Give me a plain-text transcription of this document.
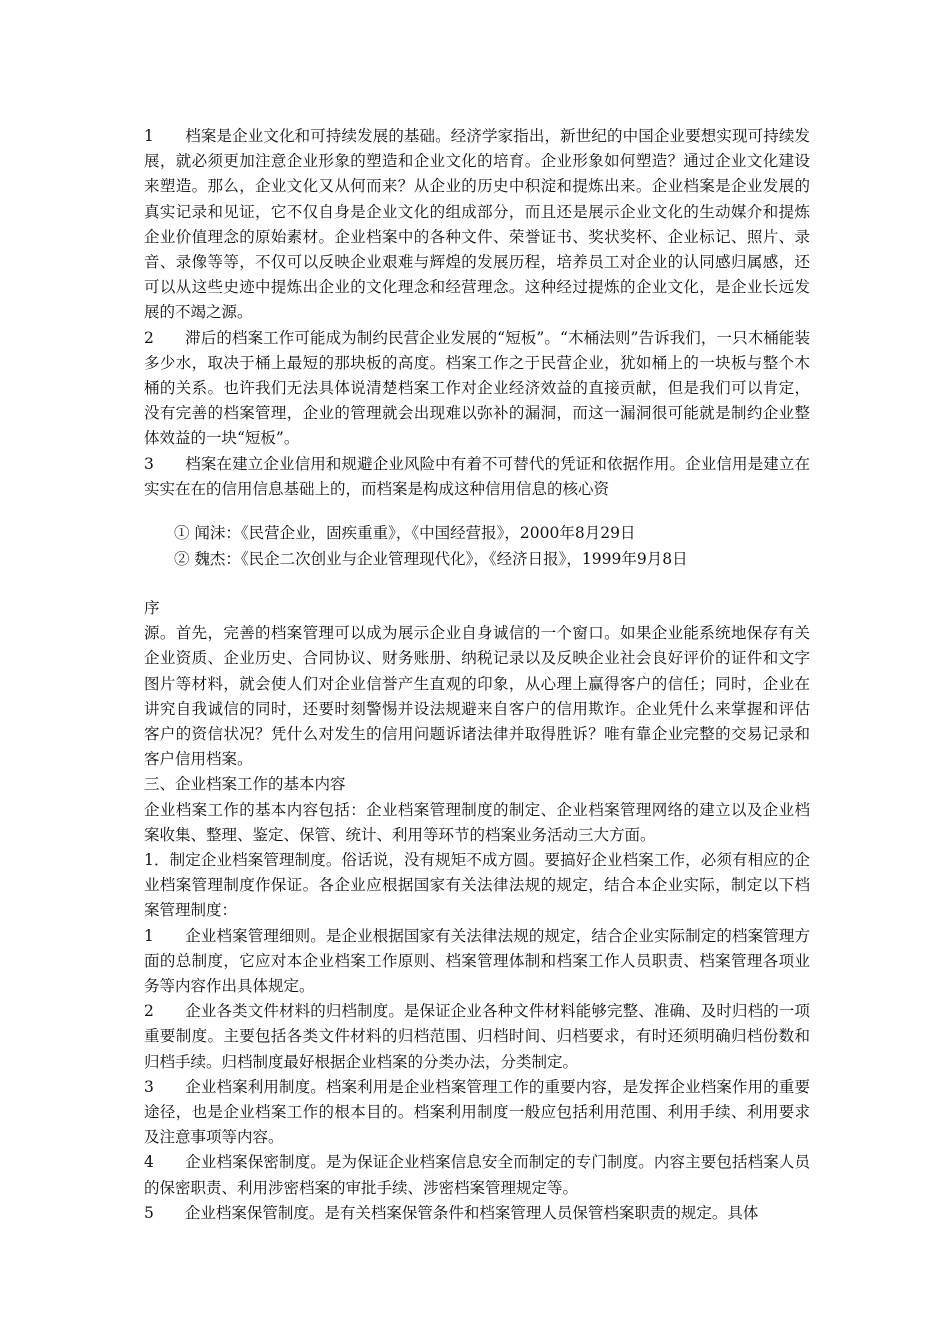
1　　档案是企业文化和可持续发展的基础。经济学家指出，新世纪的中国企业要想实现可持续发展，就必须更加注意企业形象的塑造和企业文化的培育。企业形象如何塑造？通过企业文化建设来塑造。那么，企业文化又从何而来？从企业的历史中积淀和提炼出来。企业档案是企业发展的真实记录和见证，它不仅自身是企业文化的组成部分，而且还是展示企业文化的生动媒介和提炼企业价值理念的原始素材。企业档案中的各种文件、荣誉证书、奖状奖杯、企业标记、照片、录音、录像等等，不仅可以反映企业艰难与辉煌的发展历程，培养员工对企业的认同感归属感，还可以从这些史迹中提炼出企业的文化理念和经营理念。这种经过提炼的企业文化，是企业长远发展的不竭之源。

2　　滞后的档案工作可能成为制约民营企业发展的“短板”。“木桶法则”告诉我们，一只木桶能装多少水，取决于桶上最短的那块板的高度。档案工作之于民营企业，犹如桶上的一块板与整个木桶的关系。也许我们无法具体说清楚档案工作对企业经济效益的直接贡献，但是我们可以肯定，没有完善的档案管理，企业的管理就会出现难以弥补的漏洞，而这一漏洞很可能就是制约企业整体效益的一块“短板”。

3　　档案在建立企业信用和规避企业风险中有着不可替代的凭证和依据作用。企业信用是建立在实实在在的信用信息基础上的，而档案是构成这种信用信息的核心资

① 闻沫：《民营企业，固疾重重》，《中国经营报》，2000年8月29日

② 魏杰：《民企二次创业与企业管理现代化》，《经济日报》，1999年9月8日

序

源。首先，完善的档案管理可以成为展示企业自身诚信的一个窗口。如果企业能系统地保存有关企业资质、企业历史、合同协议、财务账册、纳税记录以及反映企业社会良好评价的证件和文字图片等材料，就会使人们对企业信誉产生直观的印象，从心理上赢得客户的信任；同时，企业在讲究自我诚信的同时，还要时刻警惕并设法规避来自客户的信用欺诈。企业凭什么来掌握和评估客户的资信状况？凭什么对发生的信用问题诉诸法律并取得胜诉？唯有靠企业完整的交易记录和客户信用档案。

三、企业档案工作的基本内容

企业档案工作的基本内容包括：企业档案管理制度的制定、企业档案管理网络的建立以及企业档案收集、整理、鉴定、保管、统计、利用等环节的档案业务活动三大方面。

1．制定企业档案管理制度。俗话说，没有规矩不成方圆。要搞好企业档案工作，必须有相应的企业档案管理制度作保证。各企业应根据国家有关法律法规的规定，结合本企业实际，制定以下档案管理制度：

1　　企业档案管理细则。是企业根据国家有关法律法规的规定，结合企业实际制定的档案管理方面的总制度，它应对本企业档案工作原则、档案管理体制和档案工作人员职责、档案管理各项业务等内容作出具体规定。

2　　企业各类文件材料的归档制度。是保证企业各种文件材料能够完整、准确、及时归档的一项重要制度。主要包括各类文件材料的归档范围、归档时间、归档要求，有时还须明确归档份数和归档手续。归档制度最好根据企业档案的分类办法，分类制定。

3　　企业档案利用制度。档案利用是企业档案管理工作的重要内容，是发挥企业档案作用的重要途径，也是企业档案工作的根本目的。档案利用制度一般应包括利用范围、利用手续、利用要求及注意事项等内容。

4　　企业档案保密制度。是为保证企业档案信息安全而制定的专门制度。内容主要包括档案人员的保密职责、利用涉密档案的审批手续、涉密档案管理规定等。

5　　企业档案保管制度。是有关档案保管条件和档案管理人员保管档案职责的规定。具体
